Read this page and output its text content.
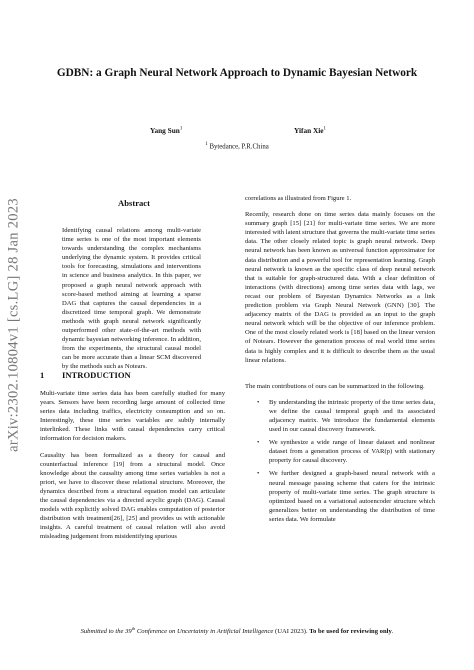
arXiv:2302.10804v1 [cs.LG] 28 Jan 2023
GDBN: a Graph Neural Network Approach to Dynamic Bayesian Network
Yang Sun$^1$	Yifan Xie$^1$
$^1$ Bytedance, P.R.China
Abstract

Identifying causal relations among multi-variate time series is one of the most important elements towards understanding the complex mechanisms underlying the dynamic system. It provides critical tools for forecasting, simulations and interventions in science and business analytics. In this paper, we proposed a graph neural network approach with score-based method aiming at learning a sparse DAG that captures the causal dependencies in a discretized time temporal graph. We demonstrate methods with graph neural network significantly outperformed other state-of-the-art methods with dynamic bayesian networking inference. In addition, from the experiments, the structural causal model can be more accurate than a linear SCM discovered by the methods such as Notears.

1 INTRODUCTION

Multi-variate time series data has been carefully studied for many years. Sensors have been recording large amount of collected time series data including traffics, electricity consumption and so on. Interestingly, these time series variables are subtly internally interlinked. These links with causal dependencies carry critical information for decision makers.

Causality has been formalized as a theory for causal and counterfactual inference [19] from a structural model. Once knowledge about the causality among time series variables is not a priori, we have to discover these relational structure. Moreover, the dynamics described from a structural equation model can articulate the causal dependencies via a directed acyclic graph (DAG). Causal models with explicitly solved DAG enables computation of posterior distribution with treatment[26], [25] and provides us with actionable insights. A careful treatment of causal relation will also avoid misleading judgement from misidentifying spurious

correlations as illustrated from Figure 1.

Recently, research done on time series data mainly focuses on the summary graph [15] [21] for multi-variate time series. We are more interested with latent structure that governs the multi-variate time series data. The other closely related topic is graph neural network. Deep neural network has been known as universal function approximator for data distribution and a powerful tool for representation learning. Graph neural network is known as the specific class of deep neural network that is suitable for graph-structured data. With a clear definition of interactions (with directions) among time series data with lags, we recast our problem of Bayesian Dynamics Networks as a link prediction problem via Graph Neural Network (GNN) [30]. The adjacency matrix of the DAG is provided as an input to the graph neural network which will be the objective of our inference problem. One of the most closely related work is [18] based on the linear version of Notears. However the generation process of real world time series data is highly complex and it is difficult to describe them as the usual linear relations.

The main contributions of ours can be summarized in the following.

• By understanding the intrinsic property of the time series data, we define the causal temporal graph and its associated adjacency matrix. We introduce the fundamental elements used in our causal discovery framework.

• We synthesize a wide range of linear dataset and nonlinear dataset from a generation process of VAR(p) with stationary property for causal discovery.

• We further designed a graph-based neural network with a neural message passing scheme that caters for the intrinsic property of multi-variate time series. The graph structure is optimized based on a variational autoencoder structure which generalizes better on understanding the distribution of time series data. We formulate

Submitted to the 39th Conference on Uncertainty in Artificial Intelligence (UAI 2023). To be used for reviewing only.
